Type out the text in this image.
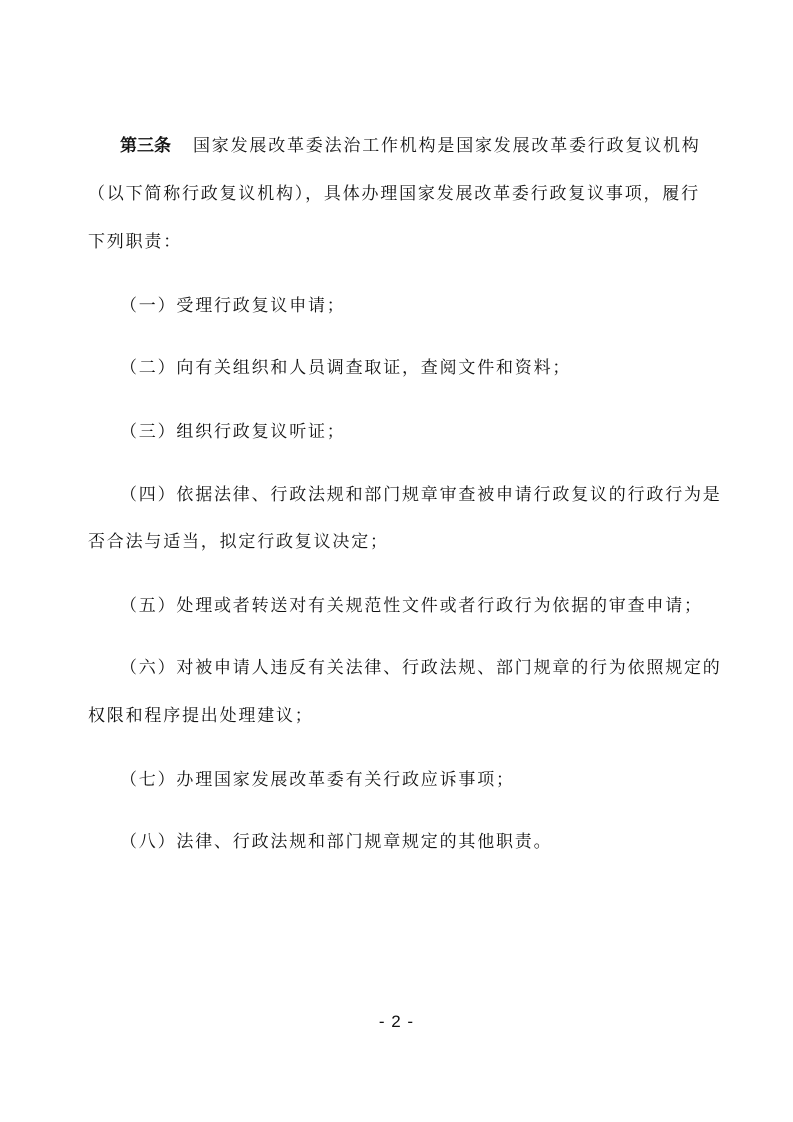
第三条 国家发展改革委法治工作机构是国家发展改革委行政复议机构
（以下简称行政复议机构），具体办理国家发展改革委行政复议事项，履行
下列职责：
（一）受理行政复议申请；
（二）向有关组织和人员调查取证，查阅文件和资料；
（三）组织行政复议听证；
（四）依据法律、行政法规和部门规章审查被申请行政复议的行政行为是
否合法与适当，拟定行政复议决定；
（五）处理或者转送对有关规范性文件或者行政行为依据的审查申请；
（六）对被申请人违反有关法律、行政法规、部门规章的行为依照规定的
权限和程序提出处理建议；
（七）办理国家发展改革委有关行政应诉事项；
（八）法律、行政法规和部门规章规定的其他职责。
- 2 -
